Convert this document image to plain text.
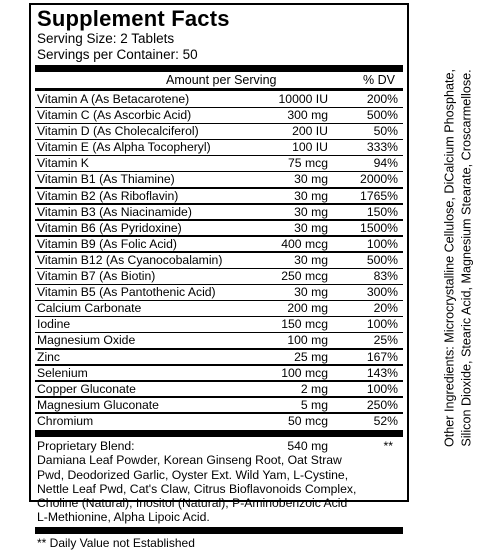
Supplement Facts
Serving Size: 2 Tablets
Servings per Container: 50
Amount per Serving	% DV
Vitamin A (As Betacarotene)	10000 IU	200%
Vitamin C (As Ascorbic Acid)	300 mg	500%
Vitamin D (As Cholecalciferol)	200 IU	50%
Vitamin E (As Alpha Tocopheryl)	100 IU	333%
Vitamin K	75 mcg	94%
Vitamin B1 (As Thiamine)	30 mg	2000%
Vitamin B2 (As Riboflavin)	30 mg	1765%
Vitamin B3 (As Niacinamide)	30 mg	150%
Vitamin B6 (As Pyridoxine)	30 mg	1500%
Vitamin B9 (As Folic Acid)	400 mcg	100%
Vitamin B12 (As Cyanocobalamin)	30 mg	500%
Vitamin B7 (As Biotin)	250 mcg	83%
Vitamin B5 (As Pantothenic Acid)	30 mg	300%
Calcium Carbonate	200 mg	20%
Iodine	150 mcg	100%
Magnesium Oxide	100 mg	25%
Zinc	25 mg	167%
Selenium	100 mcg	143%
Copper Gluconate	2 mg	100%
Magnesium Gluconate	5 mg	250%
Chromium	50 mcg	52%
Proprietary Blend:	540 mg	**
Damiana Leaf Powder, Korean Ginseng Root, Oat Straw
Pwd, Deodorized Garlic, Oyster Ext. Wild Yam, L-Cystine,
Nettle Leaf Pwd, Cat's Claw, Citrus Bioflavonoids Complex,
Choline (Natural), Inositol (Natural), P-Aminobenzoic Acid
L-Methionine, Alpha Lipoic Acid.
** Daily Value not Established
Other Ingredients: Microcrystalline Cellulose, DiCalcium Phosphate, Silicon Dioxide, Stearic Acid, Magnesium Stearate, Croscarmellose.
